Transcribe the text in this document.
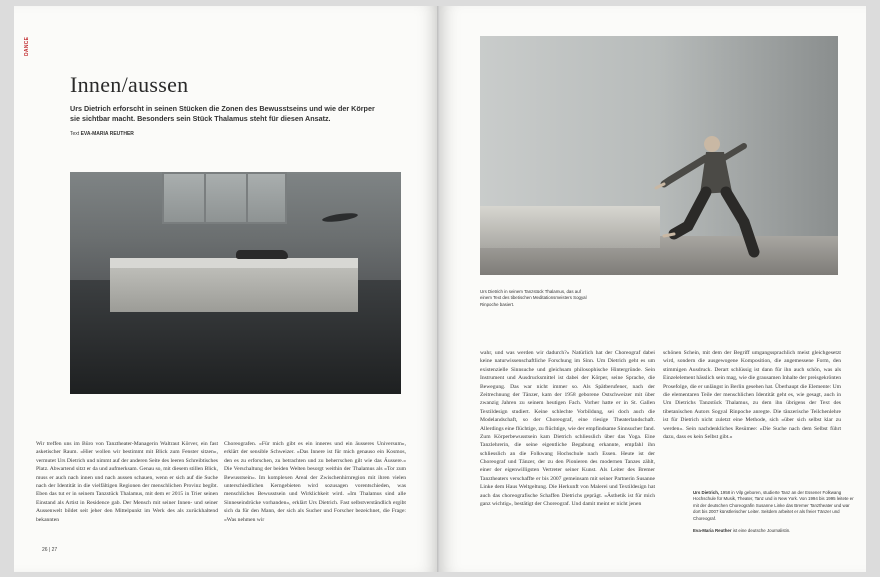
DANCE
Innen/aussen

Urs Dietrich erforscht in seinen Stücken die Zonen des Bewusstseins und wie der Körper sie sichtbar macht. Besonders sein Stück Thalamus steht für diesen Ansatz.

Text EVA-MARIA REUTHER

Wir treffen uns im Büro von Tanztheater-Managerin Waltraut Körver, ein fast asketischer Raum. «Hier wollen wir bestimmt mit Blick zum Fenster sitzen», vermutet Urs Dietrich und nimmt auf der anderen Seite des leeren Schreibtisches Platz. Abwartend sitzt er da und aufmerksam. Genau so, mit diesem stillen Blick, muss er auch nach innen und nach aussen schauen, wenn er sich auf die Suche nach der Identität in die vielfältigen Regionen der menschlichen Provinz begibt. Eben das tut er in seinem Tanzstück Thalamus, mit dem er 2015 in Trier seinen Einstand als Artist in Residence gab. Der Mensch mit seiner Innen- und seiner Aussenwelt bildet seit jeher den Mittelpunkt im Werk des als zurückhaltend bekannten
Choreografen. «Für mich gibt es ein inneres und ein äusseres Universum», erklärt der sensible Schweizer. «Das Innere ist für mich genauso ein Kosmos, den es zu erforschen, zu betrachten und zu beherrschen gilt wie das Äussere.» Die Verschaltung der beiden Welten besorgt weithin der Thalamus als «Tor zum Bewusstsein». Im komplexen Areal der Zwischenhirnregion mit ihren vielen unterschiedlichen Kerngebieten wird sozusagen vorentschieden, was menschliches Bewusstsein und Wirklichkeit wird. «Im Thalamus sind alle Sinneseindrücke vorhanden», erklärt Urs Dietrich. Fast selbstverständlich ergibt sich da für den Mann, der sich als Sucher und Forscher bezeichnet, die Frage: «Was nehmen wir
26 | 27

Urs Dietrich in seinem Tanzstück Thalamus, das auf einem Text des tibetischen Meditationsmeisters Sogyal Rinpoche basiert.

wahr, und was werden wir dadurch?» Natürlich hat der Choreograf dabei keine naturwissenschaftliche Forschung im Sinn. Um Dietrich geht es um existenzielle Sinnsuche und gleichsam philosophische Hintergründe. Sein Instrument und Ausdrucksmittel ist dabei der Körper, seine Sprache, die Bewegung. Das war nicht immer so. Als Spätberufener, nach der Zeitrechnung der Tänzer, kam der 1958 geborene Ostschweizer mit über zwanzig Jahren zu seinem heutigen Fach. Vorher hatte er in St. Gallen Textildesign studiert. Keine schlechte Vorbildung, sei doch auch die Modelandschaft, so der Choreograf, eine riesige Theaterlandschaft. Allerdings eine flüchtige, zu flüchtige, wie der empfindsame Sinnsucher fand. Zum Körperbewusstsein kam Dietrich schliesslich über das Yoga. Eine Tanzlehrerin, die seine eigentliche Begabung erkannte, empfahl ihn schliesslich an die Folkwang Hochschule nach Essen. Heute ist der Choreograf und Tänzer, der zu den Pionieren des modernen Tanzes zählt, einer der eigenwilligsten Vertreter seiner Kunst. Als Leiter des Bremer Tanztheaters verschaffte er bis 2007 gemeinsam mit seiner Partnerin Susanne Linke dem Haus Weltgeltung. Die Herkunft von Malerei und Textildesign hat auch das choreografische Schaffen Dietrichs geprägt. «Ästhetik ist für mich ganz wichtig», bestätigt der Choreograf. Und damit meint er nicht jenen
schönen Schein, mit dem der Begriff umgangssprachlich meist gleichgesetzt wird, sondern die ausgewogene Komposition, die angemessene Form, den stimmigen Ausdruck. Derart schlüssig ist dann für ihn auch schön, was als Einzelelement hässlich sein mag, wie die grausamen Inhalte der preisgekrönten Prosefolge, die er unlängst in Berlin gesehen hat. Überhaupt die Elemente: Um die elementaren Teile der menschlichen Identität geht es, wie gesagt, auch in Um Dietrichs Tanzstück Thalamus, zu dem ihn übrigens der Text des tibetanischen Autors Sogyal Rinpoche anregte. Die tänzerische Teilchenlehre ist für Dietrich nicht zuletzt eine Methode, sich «über sich selbst klar zu werden». Sein nachdenkliches Resümee: «Die Suche nach dem Selbst führt dazu, dass es kein Selbst gibt.»

Urs Dietrich, 1958 in Vilp geboren, studierte Tanz an der Essener Folkwang Hochschule für Musik, Theater, Tanz und in New York. Von 1994 bis 1995 leitete er mit der deutschen Choreografin Susanne Linke das Bremer Tanztheater und war dort bis 2007 künstlerischer Leiter. Seitdem arbeitet er als freier Tänzer und Choreograf.

Eva-Maria Reuther ist eine deutsche Journalistin.
